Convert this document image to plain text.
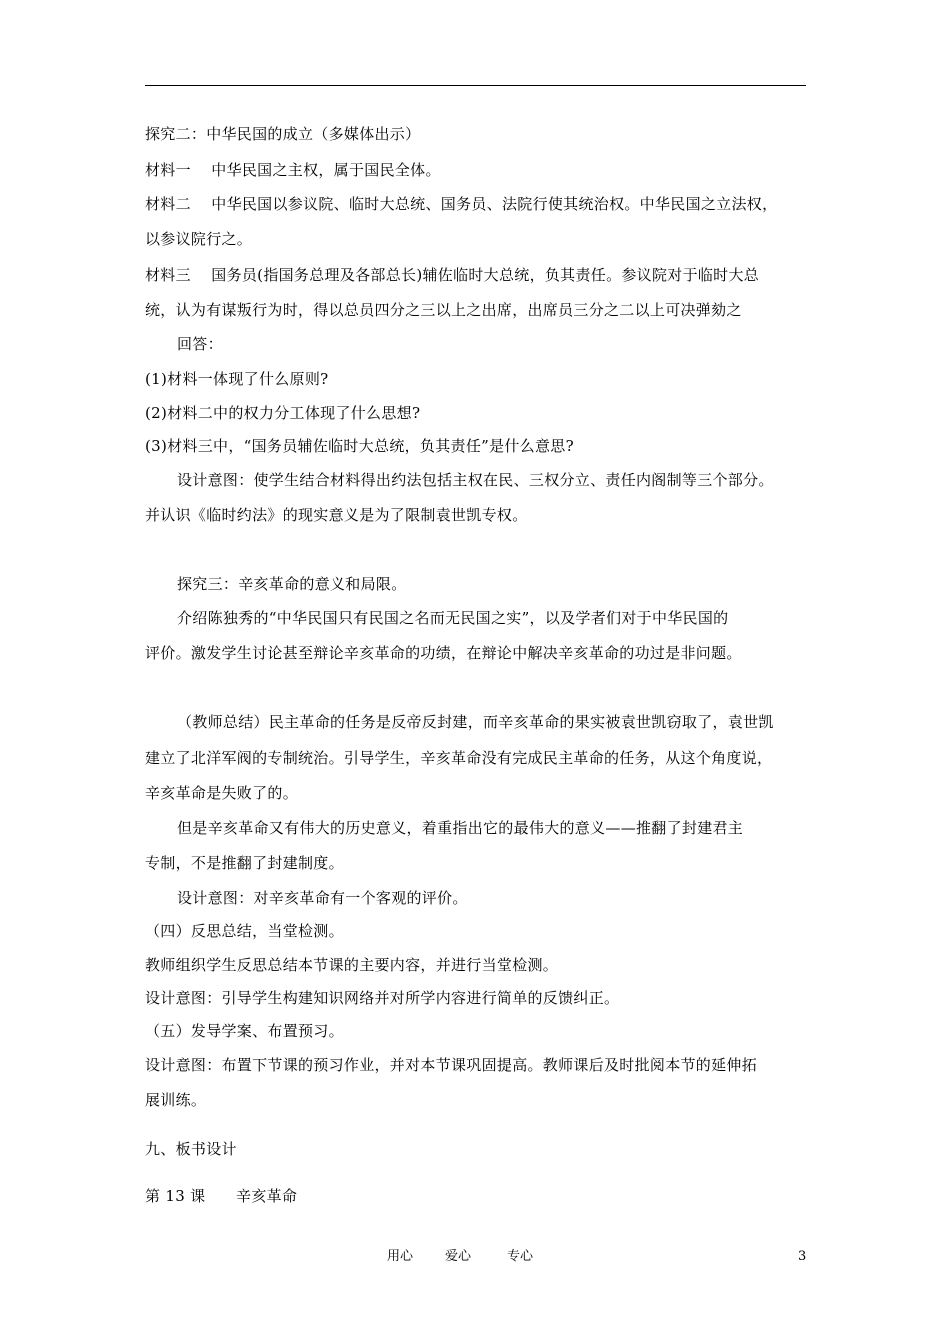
探究二：中华民国的成立（多媒体出示）
材料一　 中华民国之主权，属于国民全体。
材料二　 中华民国以参议院、临时大总统、国务员、法院行使其统治权。中华民国之立法权，
以参议院行之。
材料三　 国务员(指国务总理及各部总长)辅佐临时大总统，负其责任。参议院对于临时大总
统，认为有谋叛行为时，得以总员四分之三以上之出席，出席员三分之二以上可决弹劾之
回答：
(1)材料一体现了什么原则?
(2)材料二中的权力分工体现了什么思想?
(3)材料三中，“国务员辅佐临时大总统，负其责任”是什么意思?
设计意图：使学生结合材料得出约法包括主权在民、三权分立、责任内阁制等三个部分。
并认识《临时约法》的现实意义是为了限制袁世凯专权。
探究三：辛亥革命的意义和局限。
介绍陈独秀的“中华民国只有民国之名而无民国之实”，以及学者们对于中华民国的
评价。激发学生讨论甚至辩论辛亥革命的功绩，在辩论中解决辛亥革命的功过是非问题。
（教师总结）民主革命的任务是反帝反封建，而辛亥革命的果实被袁世凯窃取了，袁世凯
建立了北洋军阀的专制统治。引导学生，辛亥革命没有完成民主革命的任务，从这个角度说，
辛亥革命是失败了的。
但是辛亥革命又有伟大的历史意义，着重指出它的最伟大的意义——推翻了封建君主
专制，不是推翻了封建制度。
设计意图：对辛亥革命有一个客观的评价。
（四）反思总结，当堂检测。
教师组织学生反思总结本节课的主要内容，并进行当堂检测。
设计意图：引导学生构建知识网络并对所学内容进行简单的反馈纠正。
（五）发导学案、布置预习。
设计意图：布置下节课的预习作业，并对本节课巩固提高。教师课后及时批阅本节的延伸拓
展训练。
九、板书设计
第 13 课　　辛亥革命
用心 爱心	专心	3
